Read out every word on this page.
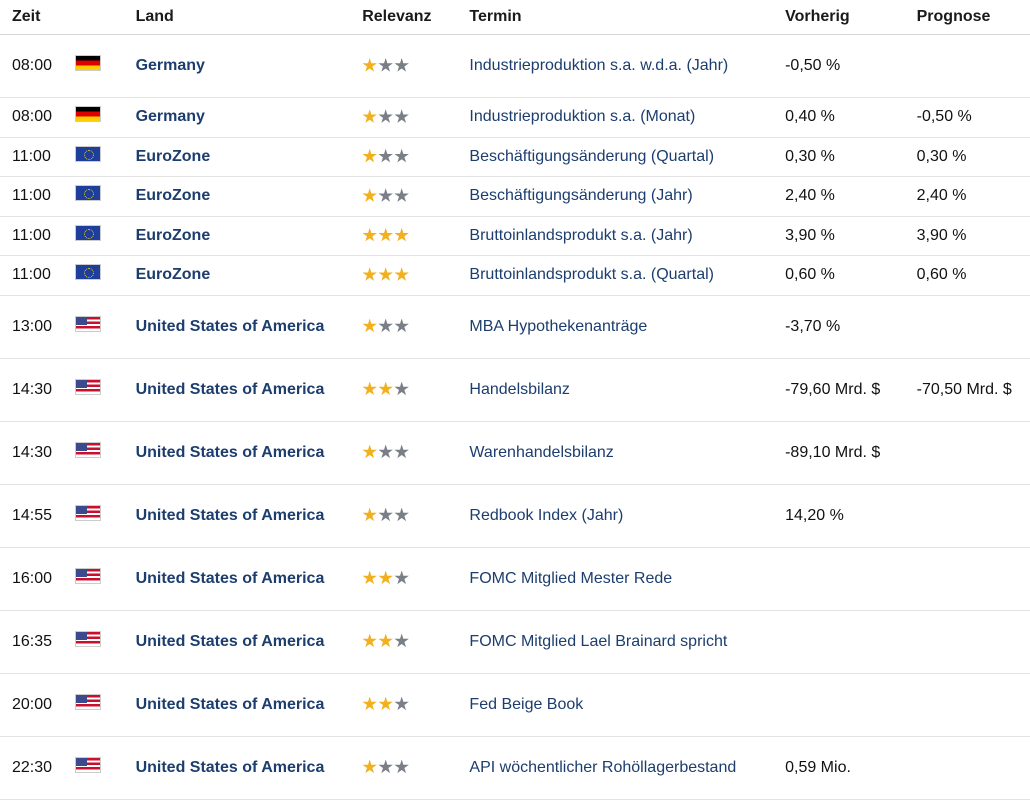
Zeit		Land	Relevanz	Termin	Vorherig	Prognose
08:00		Germany		Industrieproduktion s.a. w.d.a. (Jahr)	-0,50 %	
08:00		Germany		Industrieproduktion s.a. (Monat)	0,40 %	-0,50 %
11:00		EuroZone		Beschäftigungsänderung (Quartal)	0,30 %	0,30 %
11:00		EuroZone		Beschäftigungsänderung (Jahr)	2,40 %	2,40 %
11:00		EuroZone		Bruttoinlandsprodukt s.a. (Jahr)	3,90 %	3,90 %
11:00		EuroZone		Bruttoinlandsprodukt s.a. (Quartal)	0,60 %	0,60 %
13:00		United States of America		MBA Hypothekenanträge	-3,70 %	
14:30		United States of America		Handelsbilanz	-79,60 Mrd. $	-70,50 Mrd. $
14:30		United States of America		Warenhandelsbilanz	-89,10 Mrd. $	
14:55		United States of America		Redbook Index (Jahr)	14,20 %	
16:00		United States of America		FOMC Mitglied Mester Rede		
16:35		United States of America		FOMC Mitglied Lael Brainard spricht		
20:00		United States of America		Fed Beige Book		
22:30		United States of America		API wöchentlicher Rohöllagerbestand	0,59 Mio.	
